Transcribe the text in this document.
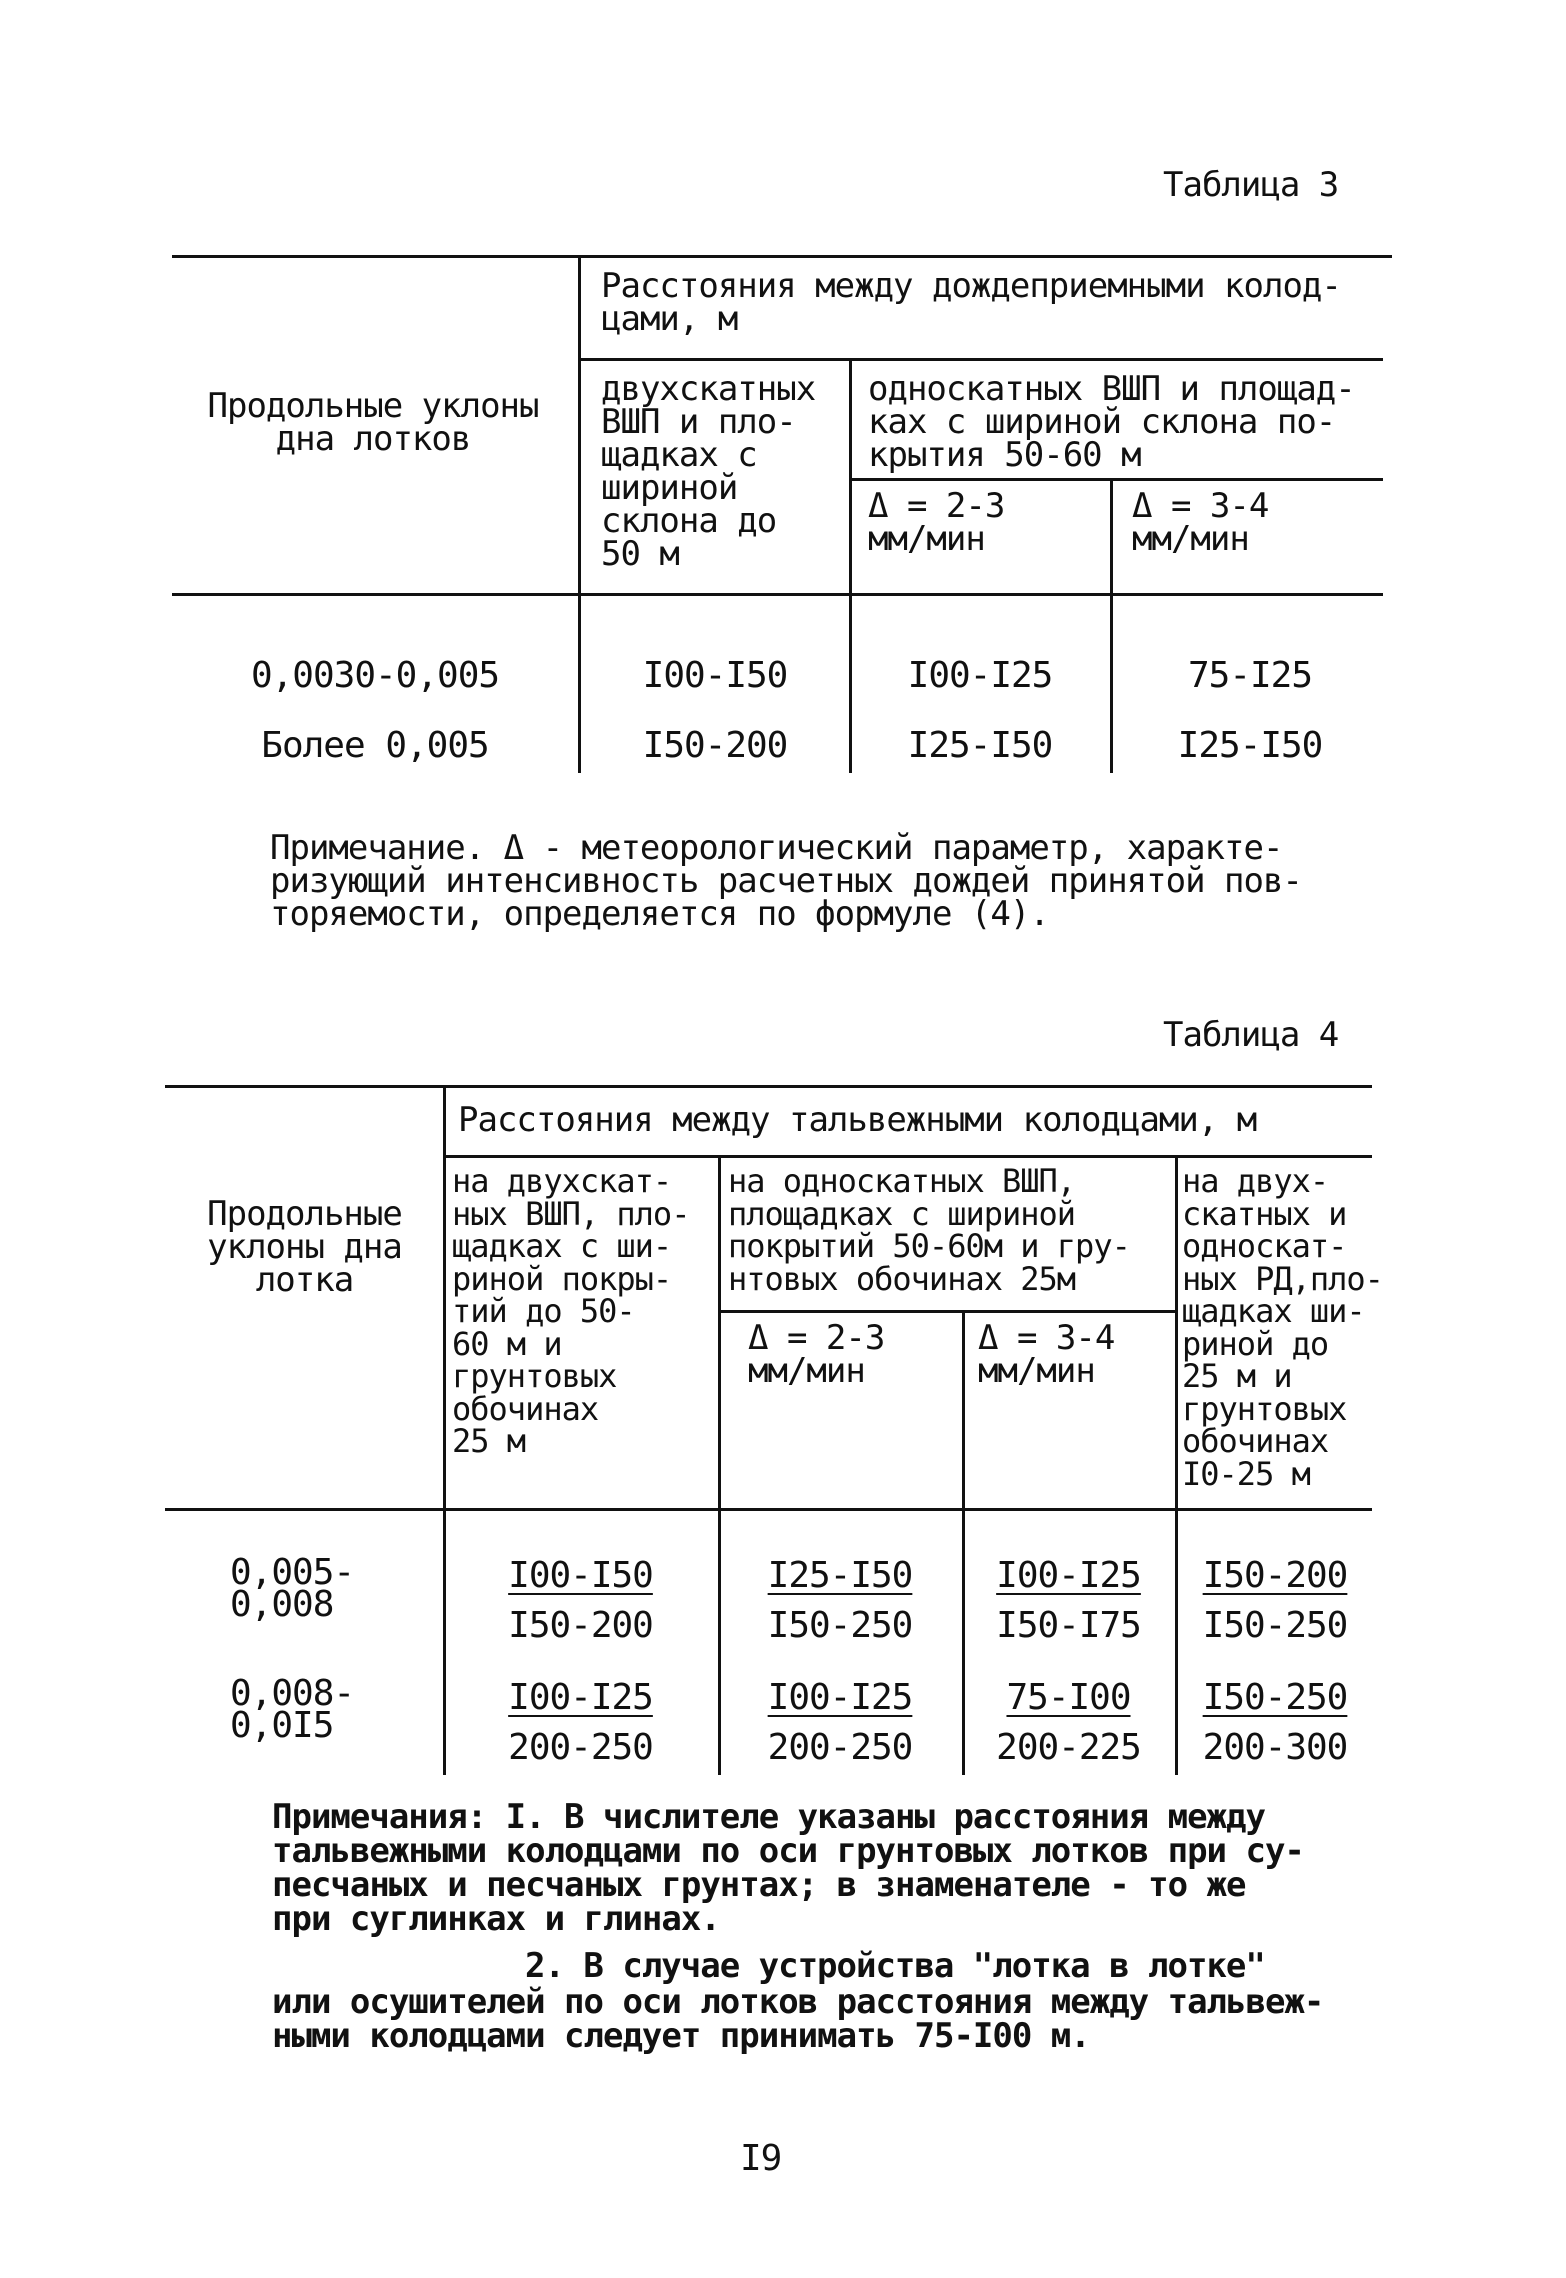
Таблица 3
Расстояния между дождеприемными колод-
цами, м
Продольные уклоны
дна лотков
двухскатных
ВШП и пло-
щадках с
шириной
склона до
50 м
односкатных ВШП и площад-
ках с шириной склона по-
крытия 50-60 м
Δ = 2-3
мм/мин
Δ = 3-4
мм/мин
0,0030-0,005	I00-I50	I00-I25	75-I25
Более 0,005	I50-200	I25-I50	I25-I50
Примечание. Δ - метеорологический параметр, характе-
ризующий интенсивность расчетных дождей принятой пов-
торяемости, определяется по формуле (4).
Таблица 4
Расстояния между тальвежными колодцами, м
Продольные
уклоны дна
лотка
на двухскат-
ных ВШП, пло-
щадках с ши-
риной покры-
тий до 50-
60 м и
грунтовых
обочинах
25 м
на односкатных ВШП,
площадках с шириной
покрытий 50-60м и гру-
нтовых обочинах 25м
на двух-
скатных и
односкат-
ных РД,пло-
щадках ши-
риной до
25 м и
грунтовых
обочинах
I0-25 м
Δ = 2-3
мм/мин
Δ = 3-4
мм/мин
0,005-
0,008	$\frac{I00-I50}{I50-200} \frac{I25-I50}{I50-250} \frac{I00-I25}{I50-I75} \frac{I50-200}{I50-250}$
0,008-
0,0I5	$\frac{I00-I25}{200-250} \frac{I00-I25}{200-250} \frac{75-I00}{200-225} \frac{I50-250}{200-300}$
Примечания: I. В числителе указаны расстояния между
тальвежными колодцами по оси грунтовых лотков при су-
песчаных и песчаных грунтах; в знаменателе - то же
при суглинках и глинах.
2. В случае устройства "лотка в лотке"
или осушителей по оси лотков расстояния между тальвеж-
ными колодцами следует принимать 75-I00 м.
I9
